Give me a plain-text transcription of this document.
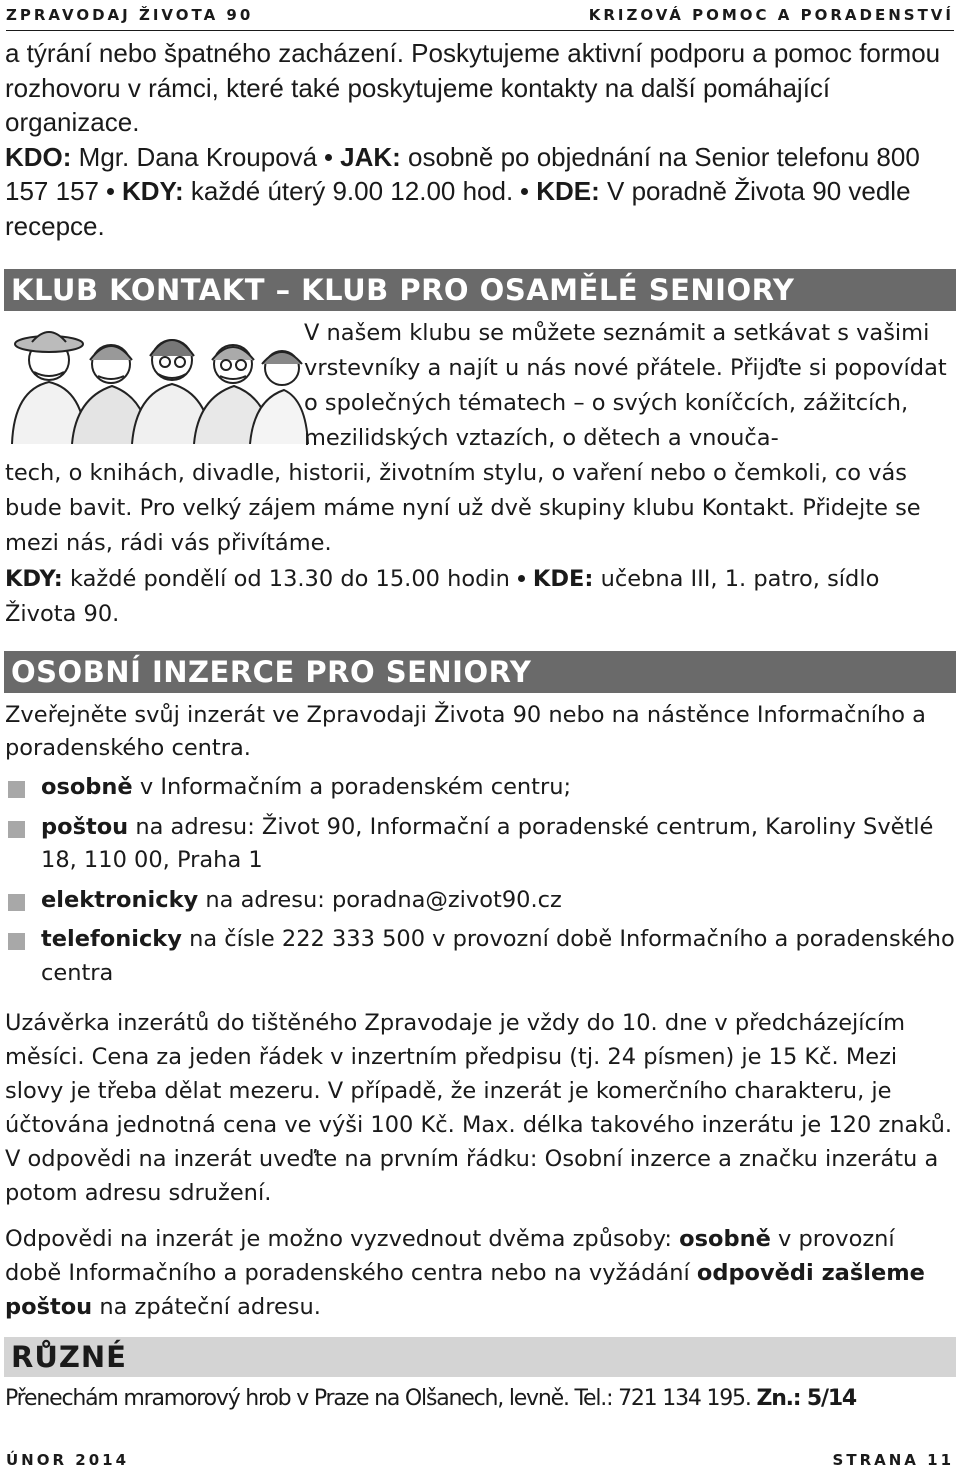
ZPRAVODAJ ŽIVOTA 90	KRIZOVÁ POMOC A PORADENSTVÍ

a týrání nebo špatného zacházení. Poskytujeme aktivní podporu a pomoc formou rozhovoru v rámci, které také poskytujeme kontakty na další pomáhající organizace.

KDO: Mgr. Dana Kroupová JAK: osobně po objednání na Senior telefonu 800 157 157 KDY: každé úterý 9.00 12.00 hod. KDE: V poradně Života 90 vedle recepce.

KLUB KONTAKT – KLUB PRO OSAMĚLÉ SENIORY

V našem klubu se můžete seznámit a setkávat s vašimi vrstevníky a najít u nás nové přátele. Přijďte si popovídat o společných tématech – o svých koníčcích, zážitcích, mezilidských vztazích, o dětech a vnouča-

tech, o knihách, divadle, historii, životním stylu, o vaření nebo o čemkoli, co vás bude bavit. Pro velký zájem máme nyní už dvě skupiny klubu Kontakt. Přidejte se mezi nás, rádi vás přivítáme.

KDY: každé pondělí od 13.30 do 15.00 hodin KDE: učebna III, 1. patro, sídlo Života 90.

OSOBNÍ INZERCE PRO SENIORY

Zveřejněte svůj inzerát ve Zpravodaji Života 90 nebo na nástěnce Informačního a poradenského centra.

osobně v Informačním a poradenském centru;
poštou na adresu: Život 90, Informační a poradenské centrum, Karoliny Světlé 18, 110 00, Praha 1
elektronicky na adresu: poradna@zivot90.cz
telefonicky na čísle 222 333 500 v provozní době Informačního a poradenského centra

Uzávěrka inzerátů do tištěného Zpravodaje je vždy do 10. dne v předcházejícím měsíci. Cena za jeden řádek v inzertním předpisu (tj. 24 písmen) je 15 Kč. Mezi slovy je třeba dělat mezeru. V případě, že inzerát je komerčního charakteru, je účtována jednotná cena ve výši 100 Kč. Max. délka takového inzerátu je 120 znaků. V odpovědi na inzerát uveďte na prvním řádku: Osobní inzerce a značku inzerátu a potom adresu sdružení.

Odpovědi na inzerát je možno vyzvednout dvěma způsoby: osobně v provozní době Informačního a poradenského centra nebo na vyžádání odpovědi zašleme poštou na zpáteční adresu.

RŮZNÉ

Přenechám mramorový hrob v Praze na Olšanech, levně. Tel.: 721 134 195. Zn.: 5/14

ÚNOR 2014	STRANA 11
